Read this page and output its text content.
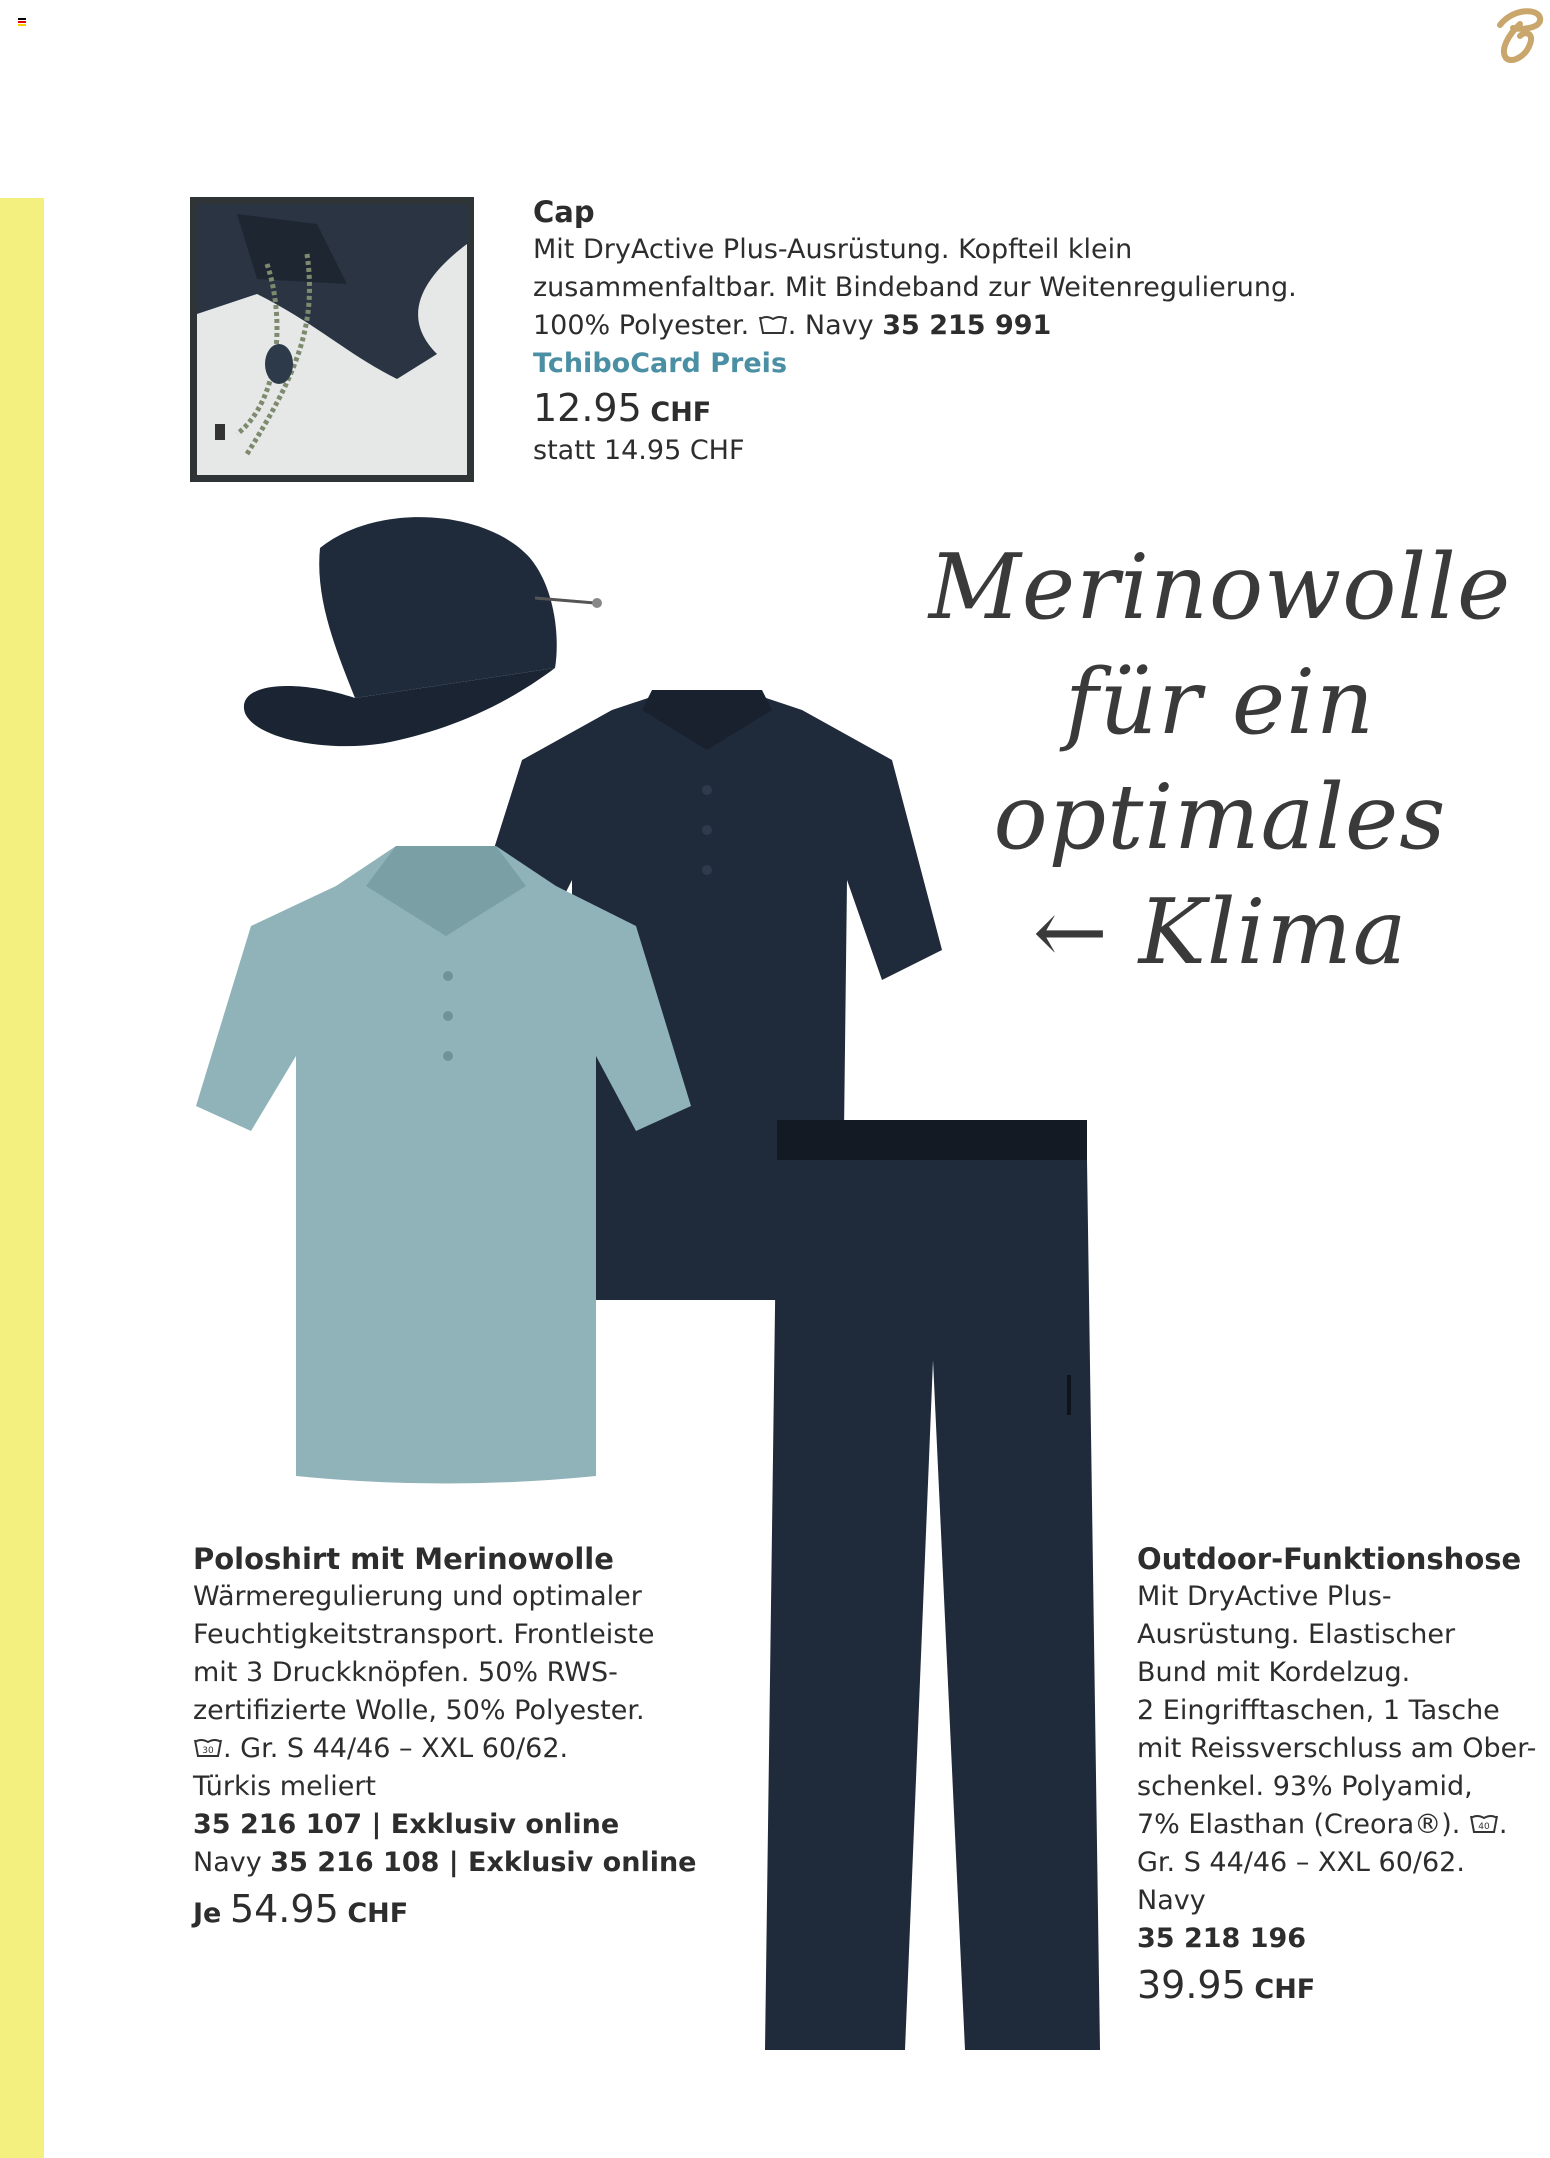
Cap
Mit DryActive Plus-Ausrüstung. Kopfteil klein
zusammenfaltbar. Mit Bindeband zur Weitenregulierung.
100% Polyester. . Navy 35 215 991
TchiboCard Preis
12.95 CHF
statt 14.95 CHF
Merinowolle
für ein optimales
← Klima
Poloshirt mit Merinowolle
Wärmeregulierung und optimaler
Feuchtigkeitstransport. Frontleiste
mit 3 Druckknöpfen. 50% RWS-
zertifizierte Wolle, 50% Polyester.
30 . Gr. S 44/46 – XXL 60/62.
Türkis meliert
35 216 107 | Exklusiv online
Navy 35 216 108 | Exklusiv online
Je 54.95 CHF
Outdoor-Funktionshose
Mit DryActive Plus-
Ausrüstung. Elastischer
Bund mit Kordelzug.
2 Eingrifftaschen, 1 Tasche
mit Reissverschluss am Ober-
schenkel. 93% Polyamid,
7% Elasthan (Creora®). 40 .
Gr. S 44/46 – XXL 60/62. Navy
35 218 196
39.95 CHF
